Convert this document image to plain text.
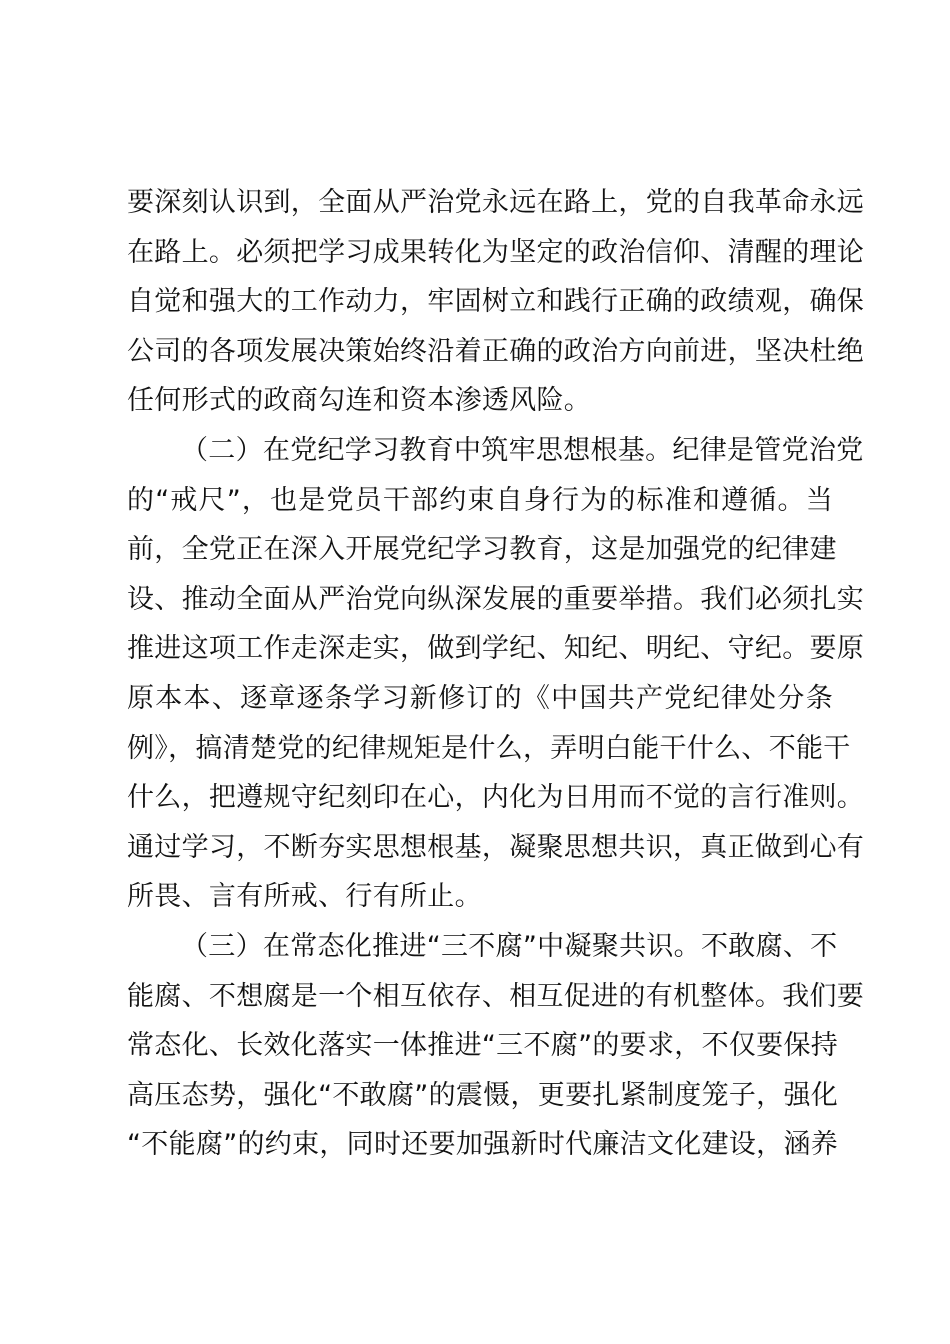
要深刻认识到，全面从严治党永远在路上，党的自我革命永远
在路上。必须把学习成果转化为坚定的政治信仰、清醒的理论
自觉和强大的工作动力，牢固树立和践行正确的政绩观，确保
公司的各项发展决策始终沿着正确的政治方向前进，坚决杜绝
任何形式的政商勾连和资本渗透风险。
（二）在党纪学习教育中筑牢思想根基。纪律是管党治党
的“戒尺”，也是党员干部约束自身行为的标准和遵循。当
前，全党正在深入开展党纪学习教育，这是加强党的纪律建
设、推动全面从严治党向纵深发展的重要举措。我们必须扎实
推进这项工作走深走实，做到学纪、知纪、明纪、守纪。要原
原本本、逐章逐条学习新修订的《中国共产党纪律处分条
例》，搞清楚党的纪律规矩是什么，弄明白能干什么、不能干
什么，把遵规守纪刻印在心，内化为日用而不觉的言行准则。
通过学习，不断夯实思想根基，凝聚思想共识，真正做到心有
所畏、言有所戒、行有所止。
（三）在常态化推进“三不腐”中凝聚共识。不敢腐、不
能腐、不想腐是一个相互依存、相互促进的有机整体。我们要
常态化、长效化落实一体推进“三不腐”的要求，不仅要保持
高压态势，强化“不敢腐”的震慑，更要扎紧制度笼子，强化
“不能腐”的约束，同时还要加强新时代廉洁文化建设，涵养
